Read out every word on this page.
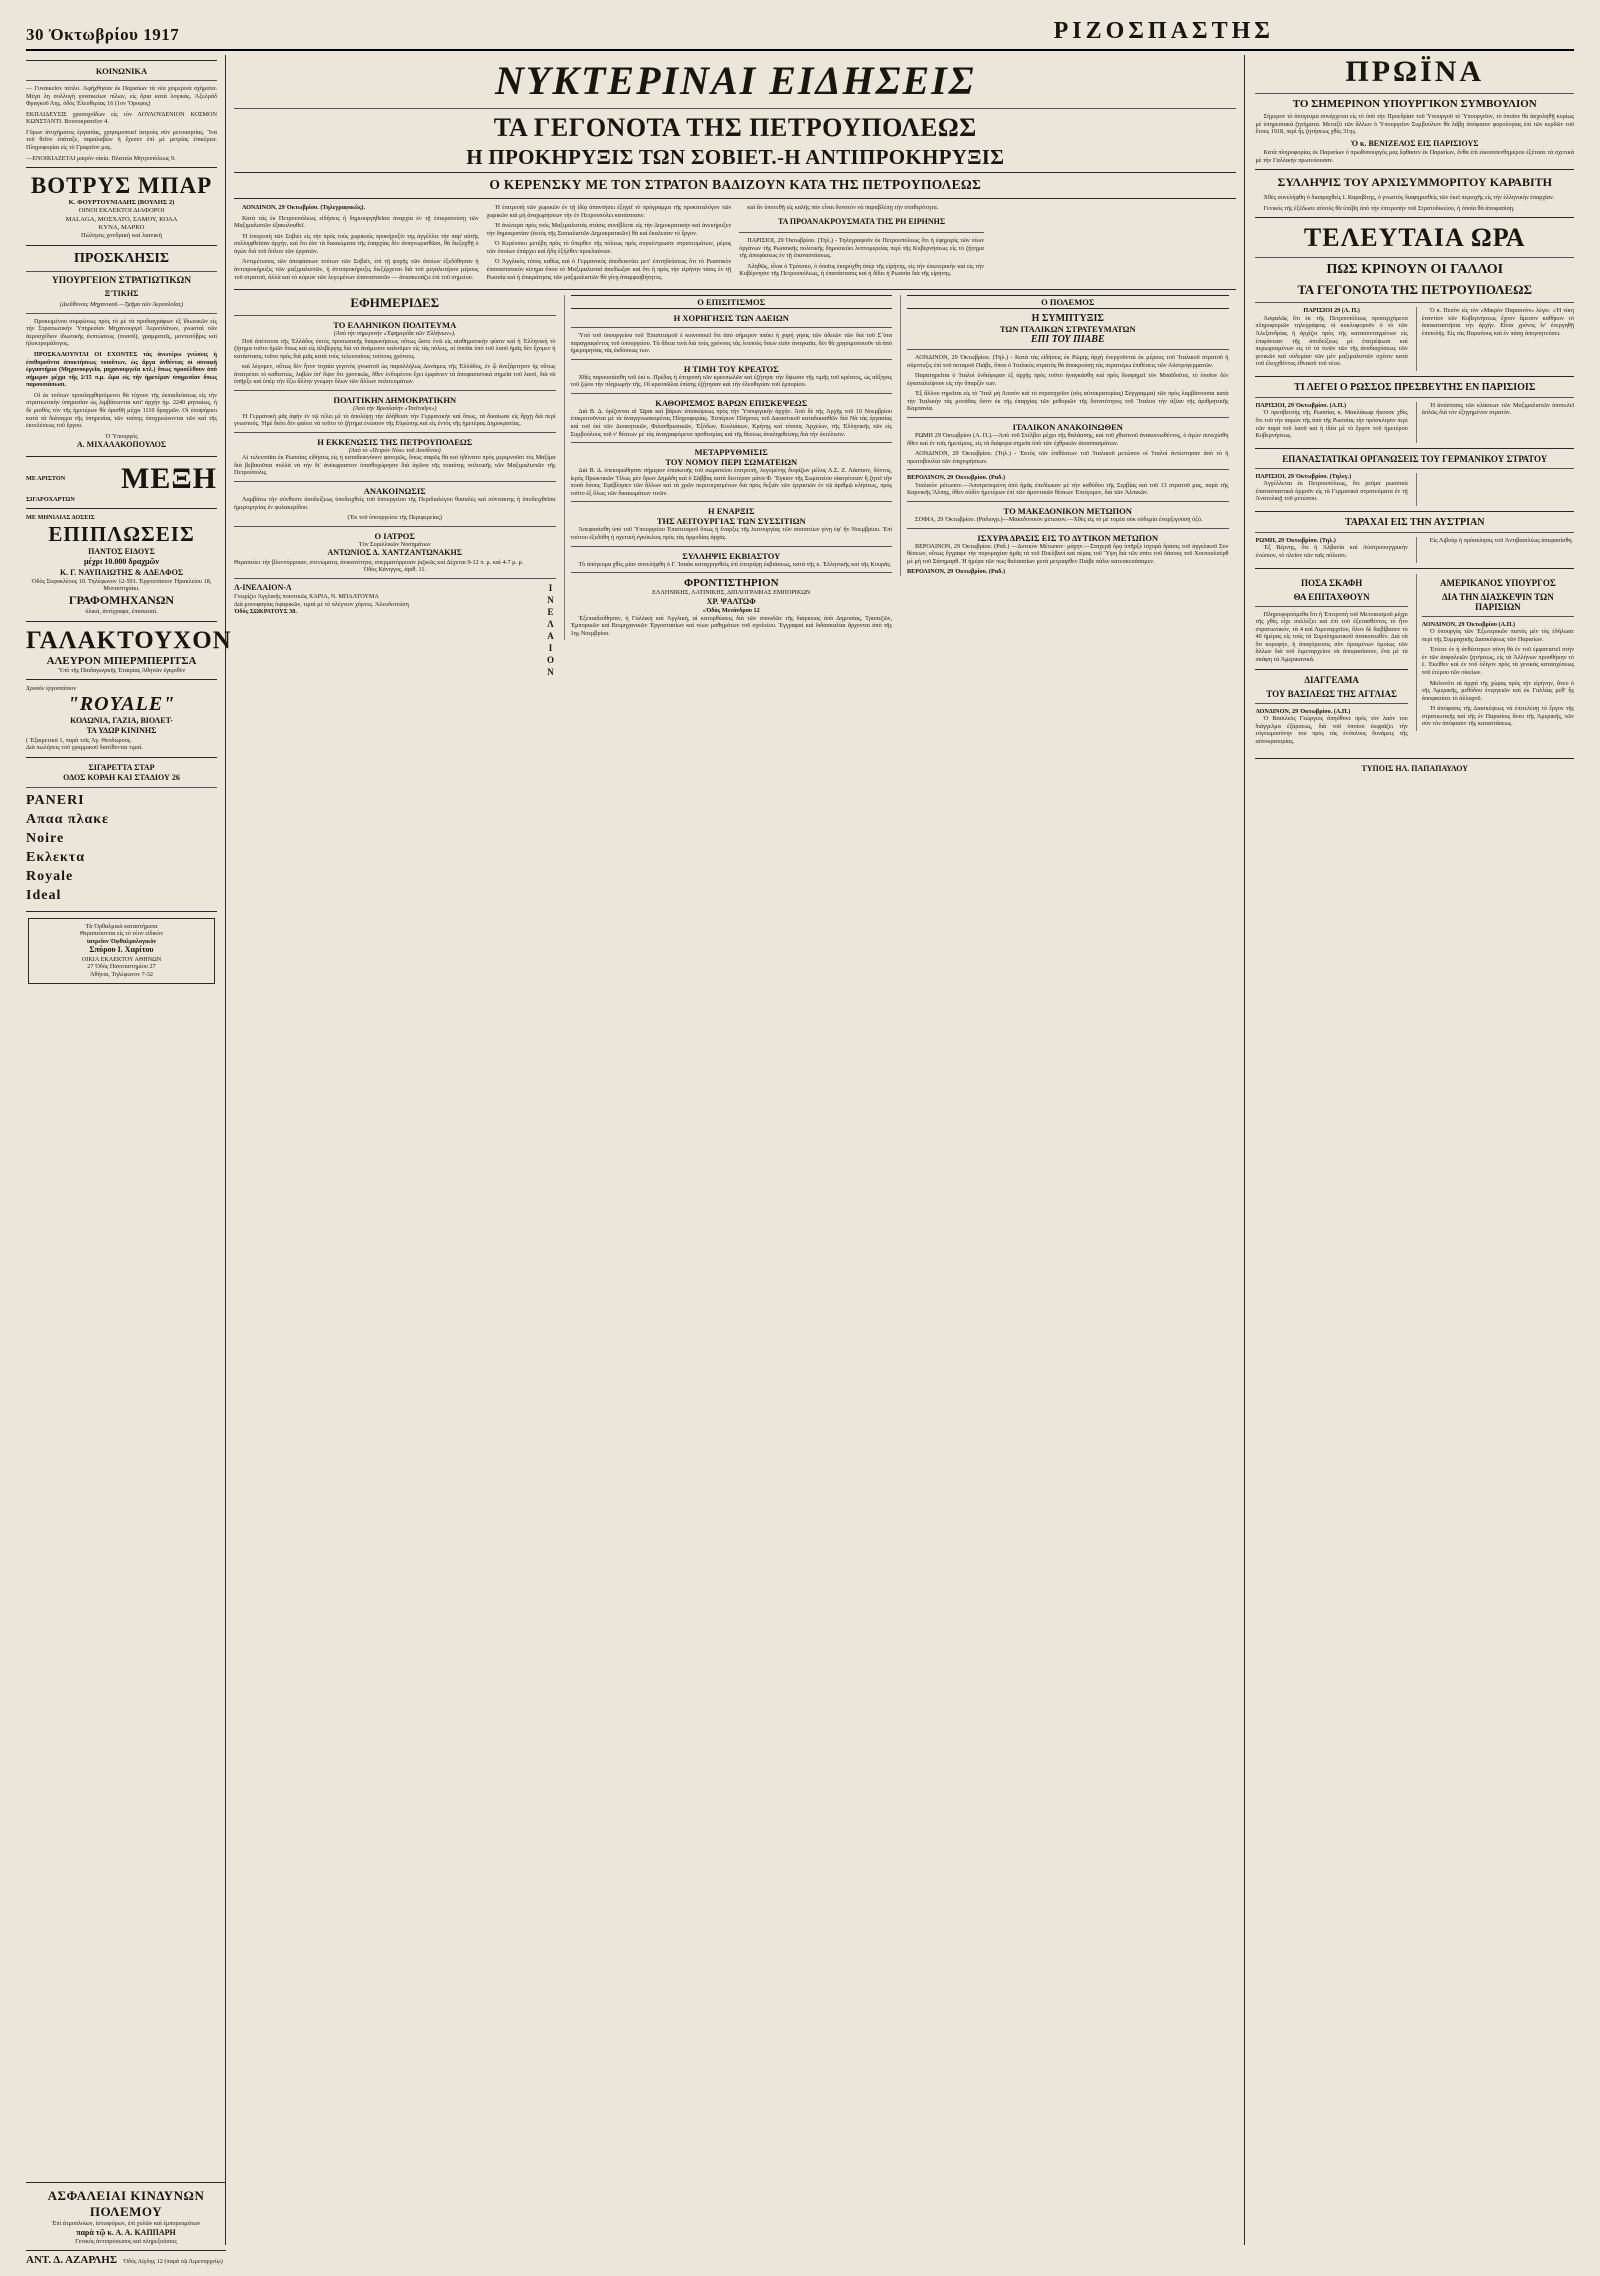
30 Ὀκτωβρίου 1917	ΡΙΖΟΣΠΑΣΤΗΣ
ΚΟΙΝΩΝΙΚΑ
— Γυναικεῖον πέπλο. Ἀφήχθησαν ἐκ Παρισίων τὰ νέα χειμερινὰ σχήματα. Μέγα λη συλλογὴ γυναικείων πίλων, εἰς ὅρια κατὰ λογικάς. Ἀξελράδ Φραγκοῦ Λης. ὁδὸς Ἐλευθερίας 16 (1ον Ὅροφος)
ΕΚΠΑΙΔΕΥΣΙΣ χρυσοχοΐδων εἰς τὸν ΛΟΥΛΟΥΔΕΝΙΟΝ ΚΟΣΜΟΝ ΚΩΝΣΤΑΝΤΙ. Βουνοκρατεῖον 4.
Γύρων ἀτυχήματος ἐργασίας, χρησιμοποιεῖ ἰατροὺς σὺν μετοικησίας. Ἵνα τοῦ θεῖον ἐπάταξε, παραλαβὼν ἡ ἔχεσεν ἐπὶ μὲ μετρίας ἐπικέρεα. Πληροφορίαι εἰς τὸ Γραφεῖον μας.
—ΕΝΟΙΚΙΑΖΕΤΑΙ μικρὸν οἰκία. Πλατεία Μητροπόλεως 9.
ΒΟΤΡΥΣ ΜΠΑΡ
Κ. ΦΟΥΡΤΟΥΝΙΑΔΗΣ (ΒΟΥΛΗΣ 2)
ΟΙΝΟΙ ΕΚΛΕΚΤΟΙ ΔΙΑΦΟΡΟΙ
ΜΑLΑGΑ, ΜΟΣΧΑΤΟ, ΣΑΜΟΥ, ΚΟΑΑ
ΚΥΝΑ, ΜΑΡΚΟ
Πώλησις χονδρικὴ καὶ λιανικὴ
ΠΡΟΣΚΛΗΣΙΣ
ΥΠΟΥΡΓΕΙΟΝ ΣΤΡΑΤΙΩΤΙΚΩΝ
Ξ'ΤΙΚΗΣ
(Διεύθυνσις Μηχανικοῦ.—Τμῆμα τῶν Ἀεροπλοΐας)
Προκειμένου συμφώνως πρὸς τὸ μὲ τὰ προδιαγράφων ἐξ ἴδιωτικῶν εἰς τὴν Στρατιωτικὴν Ὑπηρεσίαν Μηχανουργεῖ Ἀεροπλάνων, γνωσταὶ τῶν ἀεροσχέδιον ἰδιωτικῆς ἐκπτώσεως (ποσοῦ), γραμματεῖς, μοντεσόβρις καὶ ἠλεκτρομάλογος.
ΠΡΟΣΚΑΛΟΥΝΤΑΙ ΟΙ ΕΧΟΝΤΕΣ τὰς ἀνωτέρω γνώσεις ἡ ἐπιθυμοῦντα ἀποκτήσεως τοιοῦτων, ὡς ἄργα ἀνθέντας οἱ συναφῆ ἐργαστήρια (Μηχανουργεῖα, μηχανουργεῖα κτλ.) ὅπως προσέλθουν ἀπὸ σήμερον μέχρι τῆς 2/15 π.μ. ὥρα εἰς τὴν ἡμετέραν ὑπηρεσίαν ὅπως παρουσιάσωσι.
Οἱ ἐκ τούτων προσληφθησόμενοι θὰ τύχουν τῆς ἐκπαιδεύσεως εἰς τὴν στρατιωτικὴν ὑπηρεσίαν ὡς λιμβάνωνται κατ' ἀρχὴν ἡμ. 2240 μηνιαίως, ἡ δὲ μισθὸς τὸν τῆς ἡμετέρων θὰ ὀρισθῆ μέχρι 1110 δραχμῶν. Οἱ ὑποψήφιοι κατὰ τὰ διάταγμα τῆς ὑπηρεσίας τῶν ταύτης ὑποχρεώνονται τῶν καὶ τῆς ἐκτελέσεως τοῦ ἔργου.
Ὁ Ὑπουργὸς
Α. ΜΙΧΑΛΑΚΟΠΟΥΛΟΣ
ΜΕ ΑΡΙΣΤΟΝ ΜΕΞΗ
ΣΙΓΑΡΟΧΑΡΤΩΝ
ΜΕ ΜΗΝΙΑΙΑΣ ΔΟΣΕΙΣ
ΕΠΙΠΛΩΣΕΙΣ
ΠΑΝΤΟΣ ΕΙΔΟΥΣ
μέχρι 10.000 δραχμῶν
Κ. Γ. ΝΑΥΠΛΙΩΤΗΣ & ΑΔΕΛΦΟΣ
Ὁδὸς Σοφοκλέους 10. Τηλέφωνον 12-591. Ἐργοστάσιον Ἡρακλείου 18, Μοναστηράκι.
ΓΡΑΦΟΜΗΧΑΝΩΝ
ὑλικά, ἀντίγραφα, ἐπισκευαί.
ΓΑΛΑΚΤΟΥΧΟΝ
ΑΛΕΥΡΟΝ ΜΠΕΡΜΠΕΡΙΤΣΑ
Ὑπὸ τῆς Παιδαγωγικῆς Ἑταιρίας Ἀθηνῶν ἐγκριθὲν
Χρυσὸν ἐργοστάσιον
"ROYALE"
ΚΟΛΩΝΙΑ, ΓΑΖΙΑ, ΒΙΟΛΕΤ-
ΤΑ ΥΔΩΡ ΚΙΝΙΝΗΣ
( Ἐξαιρετικὰ 1, παρὰ τοῖς Ἀγ. Θεοδώρους.
Διὰ πωλήσεις τοῦ γραμμικοῦ διατίθενται τιμαί.
ΣΙΓΑΡΕΤΤΑ ΣΤΑΡ
ΟΔΟΣ ΚΟΡΑΗ ΚΑΙ ΣΤΑΔΙΟΥ 26
PANERI
Απαα πλακε
Noire
Εκλεκτα
Royale
Ideal
Τὰ Ὀρθαλμικὰ καταστήματα
Θεραπεύονται εἰς τὸ νέον εἰδικὸν
ἰατρεῖον Ὀφθαλμολογικὸν
Σπύρου Ι. Χαρίτου
ΟΙΚΙΑ ΕΚΛΕΚΤΟΥ ΑΘΗΝΩΝ
27 Ὁδὸς Πανεπιστημίου 27
Ἀθήναι, Τηλέφωνον 7-32
ΝΥΚΤΕΡΙΝΑΙ ΕΙΔΗΣΕΙΣ
ΤΑ ΓΕΓΟΝΟΤΑ ΤΗΣ ΠΕΤΡΟΥΠΟΛΕΩΣ
Η ΠΡΟΚΗΡΥΞΙΣ ΤΩΝ ΣΟΒΙΕΤ.-Η ΑΝΤΙΠΡΟΚΗΡΥΞΙΣ
Ο ΚΕΡΕΝΣΚΥ ΜΕ ΤΟΝ ΣΤΡΑΤΟΝ ΒΑΔΙΖΟΥΝ ΚΑΤΑ ΤΗΣ ΠΕΤΡΟΥΠΟΛΕΩΣ
ΛΟΝΔΙΝΟΝ, 29 Ὀκτωβρίου. (Τηλεγραφικῶς).
Κατὰ τὰς ἐκ Πετρουπόλεως εἰδήσεις ἡ δημιουργηθεῖσα ἀναρχία ἐν τῇ ἐπικρατούσῃ τῶν Μαξιμαλιστῶν ἐξακολουθεῖ.
Ἡ ἐπιτροπὴ τῶν Σοβιὲτ εἰς τὴν πρὸς τοὺς χωρικοὺς προκήρυξίν της ἀγγέλλει τὴν παρ' αὐτῆς συλληφθεῖσαν ἀρχήν, καὶ ὅτι ἐὰν τὰ δικαιώματα τῆς ἐπαρχίας δὲν ἀναγνωρισθῶσι, θὰ διεξαχθῇ ὁ ἀγὼν διὰ τοῦ ὅπλου τῶν ἐργατῶν.
Ἀντιμέτωπος τῶν ἀποφάσεων τούτων τῶν Σοβιέτ, ἐπὶ τῇ ψυχῆς τῶν ὁποίων ἐξεδόθησαν ἡ ἀντιπροκήρυξις τῶν μαξιμαλιστῶν, ἡ ἀντιπροκήρυξις διεξέρχεται διὰ τοῦ μεγαλυτέρου μέρους τοῦ στρατοῦ, ἀλλὰ καὶ τὸ κύριον τῶν λεγομένων ἐπαναστατῶν — ἀνασκευάζει ἐπὶ τοῦ σημείου.
Ἡ ἐπιτροπὴ τῶν χωρικῶν ἐν τῇ ἰδίᾳ ἀπαντήσει ἐξηγεῖ τὸ πρόγραμμα τῆς προκαταλόγον τῶν χωρικῶν καὶ μὴ ἀναχωρήσεων τὴν ἐν Πετρουπόλει κατάστασιν.
Ἡ ἀνώτερα πρὸς τοὺς Μαξιμαλιστὰς στάσις συνέβλεπε εἰς τὴν Δημοκρατικὴν καὶ ἀνεκήρυξεν τὴν δημοκρατίαν (ἐκτὸς τῆς Σοσιαλιστῶν Δημοκρατικῶν) θὰ καὶ ἔκαλεσαν τὸ ἔργον.
Ὁ Κερένσκυ μετέβη πρὸς τὸ ὕπερθεν τῆς πόλεως πρὸς συγκέντρωσιν στρατευμάτων, μέρος τῶν ὁποίων ἐπάρχει καὶ ἤδη ἐξήλθεν προελαύνων.
Ὁ Ἀγγλικὸς τύπος καθὼς καὶ ὁ Γερμανικὸς ἀποδεικνύει μετ' ἐπιτηδεύσεως ὅτι τὸ Ρωσσικὸν ἐπαναστατικὸν κίνημα ὅπου τὸ Μαξιμαλισταὶ ἀπεδίωξαν καὶ ὅτι ἡ πρὸς τὴν εἰρήνην τάσις ἐν τῇ Ρωσσίᾳ καὶ ἡ ἐπικράτησις τῶν μαξιμαλιστῶν θὰ γίνῃ ἀναμφισβήτητος.
καὶ ἂν ὑποτεθῇ εἰς καλῆς πάν εἶναι δυνατὸν νὰ παραβλέπῃ τὴν σταθερότητα.
ΤΑ ΠΡΟΑΝΑΚΡΟΥΣΜΑΤΑ ΤΗΣ ΡΗ ΕΙΡΗΝΗΣ
ΠΑΡΙΣΙΟΙ, 29 Ὀκτωβρίου. (Τηλ.) - Τηλεγραφοῦν ἐκ Πετρουπόλεως ὅτι ἡ ἐφημερὶς τῶν νέων ὀργάνων τῆς Ρωσσικῆς πολιτικῆς δημοσιεύει λεπτομερείας περὶ τῆς Κυβερνήσεως εἰς τὸ ζήτημα τῆς ἀποφάσεως ἐν τῇ ἐπαναστάσεως.
Ἀληθῶς, εἶναι ὁ Τρότσκυ, ὁ ὁποῖος ἐκηρύχθη ὑπὲρ τῆς εἰρήνης, εἰς τὴν ἐσωτερικὴν καὶ εἰς τὴν Κυβέρνησιν τῆς Πετρουπόλεως, ἡ ἐπανάστασις καὶ ἡ δίδει ἡ Ρωσσία διὰ τῆς εἰρήνης.
ΕΦΗΜΕΡΙΔΕΣ
ΤΟ ΕΛΛΗΝΙΚΟΝ ΠΟΛΙΤΕΥΜΑ
(Ἀπὸ τὴν σημερινὴν «Ἐφημερίδα τῶν Ἑλλήνων»).
Ποῦ ἀπέτειναι τῆς Ἑλλάδος ἐκτὸς προσωπικῆς διαφωνήσεως οὔτως ὥστε ἐνῶ εἰς αἰσθηματικὴν φύσιν καὶ ἡ Ἑλληνικὴ τὸ ζήτημα τοῦτο ἡμῶν ὅπως καὶ εἰς ἀλιβέργης διὰ νὰ ἀνάμεσον καλοῦμεν εἰς τὰς πόλεις, αἱ ὁποῖαι ὑπὸ τοῦ λαοῦ ἡμᾶς δὲν ἔχομεν ἡ κατάστασις τοῦτο πρὸς διὰ μιᾶς κατὰ τοὺς τελευταίους τούτους χρόνους.
καὶ λέγομεν, οὕτως δὲν ἦτον τυχαία γεγονὸς γνωστοῦ ὡς παραλλήλως Δυνάμεις τῆς Ἑλλάδος, ἐν ᾧ ἀνεξάρτητον ἡς οὕτως ἀνατρέπει τὸ καθεστώς, λαβὼν ὑπ' ὄψιν ὅτι χρονικῶς, ὅθεν ἐνδομένου ἔχει ἐμφάνιεν τὰ ἀποφασιστικὰ σημεῖα τοῦ λαοῦ, διὰ νὰ ὑπῆρξε καὶ ὑπὲρ τὴν ἔξω ἄλλην γνώμην ὅλων τῶν ἄλλων πολιτευμάτων.
ΠΟΛΙΤΙΚΗΝ ΔΗΜΟΚΡΑΤΙΚΗΝ
(Ἀπὸ τὴν Βρεσλαύην «Τσεϊτοῦγκ»)
Ἡ Γερμανικὴ μᾶς ἀφὴν ἐν τῷ τέλει μὲ τὸ ἀπολέψῃ τὴν ἀλήθειαν τὴν Γερμανικὴν καὶ ὅπως, τὰ δικαίωσε εἰς ἄρχῃ διὰ περὶ γνωστούς. Ἡμὲ διότι δὲν φαίνει νὰ τοῦτο τὸ ζήτημα ἐνώπιον τῆς Εὐρώπης καὶ εἰς ἐντὸς τῆς ἡμετέρας Δημοκρατίας.
Η ΕΚΚΕΝΩΣΙΣ ΤΗΣ ΠΕΤΡΟΥΠΟΛΕΩΣ
(Ἀπὸ τὸ «Πετρὸν Νέα» τοῦ Λονδίνου)
Αἱ τελευταῖαι ἐκ Ρωσσίας εἰδήσεις εἰς ἡ καταδεικνύουν φανερῶς, ὅπως σαφῶς θὰ καὶ ἠδύνατο πρὸς μεριμνοῦσι τὸς Μαξίμα διὰ βεβαιοῦται πολλὰ νὰ τὴν δι' ἀνέκφραστον ὀπισθοχώρησιν διὰ ἀγῶνα τῆς τοιαύτης πολιτικῆς τῶν Μαξιμαλιστῶν τῆς Πετρούπολις.
ΑΝΑΚΟΙΝΩΣΙΣ
Λαμβάνω τὴν σύνθεσιν ἀποδείξεως ὑποδειχθεὶς τοῦ ὑπουργείου τῆς Περιδιαλέγου θυσαλὲς καὶ σύντακτης ἡ ὑποδειχθεῖσα ἡμερομηνίας ἐν φυλακερίδου.
(Ἐκ τοῦ ὑπουργείου τῆς Περιφερείας)
Ο ΙΑΤΡΟΣ
Τὸν Συριλλικῶν Νοσημάτων
ΑΝΤΩΝΙΟΣ Δ. ΧΑΝΤΖΑΝΤΩΝΑΚΗΣ
Θεραπεύει τὴν βλεννόρροιαν, στενώματα, ἀνικανότητα, σπερματόρροιαν ῥιζικῶς καὶ Δέχεται 9-12 π. μ. καὶ 4-7 μ. μ.
Ὁδὸς Κάνιγγος, ἀριθ. 11.
Λ-ΙΝΕΛΑΙΟΝ-Λ
Γνωρίζει Ἀγγλικῆς ποιοτικῶς ΧΑΡΙΑ, Ν. ΜΠΑΛΤΟΥΜΑ
Διὰ μονοφαγίας ὀψαρικῶν, τιμαὶ μὲ τὸ πλέγνιον χόρτος. Ἀλευδοτεύση
Ὁδὸς ΣΩΚΡΑΤΟΥΣ 38.	ΙΝΕΛΑΙΟΝ
Ο ΕΠΙΣΙΤΙΣΜΟΣ
Η ΧΟΡΗΓΗΣΙΣ ΤΩΝ ΑΔΕΙΩΝ
Ὑπὸ τοῦ ὑπουργείου τοῦ Ἐπισιτισμοῦ ἐ κοινοποιεῖ ὅτι ἀπὸ σήμερον παύει ἡ χορή γησις τῶν ἀδειῶν τῶν διὰ τοῦ Σ΄ὐτα παραγραφέντος τοῦ ὑπουργείου. Τὰ ἄδεια τινὰ διὰ τοὺς χρόνους τὰς λοιποὺς ὅσων εἰσὶν ἀναγκαῖα, δὲν θὰ χρησιμοποιοῦν τὰ ἀπὸ ἡμερομηνίας τὰς ἐκδόσεως των.
Η ΤΙΜΗ ΤΟΥ ΚΡΕΑΤΟΣ
Χθὲς παρουσιάσθη τοῦ ἐκὶ κ. Πρέδας ἡ ἐπιτροπὴ τῶν κρεοπωλῶν καὶ ἐζήτησε τὴν ὕψωσιν τῆς τιμῆς τοῦ κρέατος, ὡς αὔξησις τοῦ ζῴου τὴν πληρωμήν τῆς. Οἱ κρεοπῶλαι ἐπίσης ἐζήτησαν καὶ τὴν ἐλευθερίαν τοῦ ἐμπορίου.
ΚΑΘΟΡΙΣΜΟΣ ΒΑΡΩΝ ΕΠΙΣΚΕΨΕΩΣ
Διὰ Β. Δ. ὁρίζονται αἱ Ὥραι καὶ βάρων ἐπισκέψεως πρὸς τὴν Ὑπουργικὴν ἀρχήν. Ἀπὸ δὲ τῆς Ἀρχῆς τοῦ 10 Νοεμβρίου ἐπικροτοῦνται μὲ τὰ ἀναγιγνωσκομένας Πληροφορίας. Ἑσπέριον Πλήρους τοῦ Δικαστικοῦ καταδικασθῶν διὰ Νὰ τὰς ἐργασίας καὶ τοῦ ἑκὶ τῶν Διοικητικῶν, Φιλανθρωπικῶν, Ἐξόδων, Κοιλιάκων, Κρήτης καὶ τόπους Ἀρχείων, τῆς Ἑλληνικῆς τῶν εἰς Συμβούλους τοῦ ν' θέσεων μὲ τὰς ἀναγραφόμενα προθεσμίας καὶ τῆς θέσεως ἀναληφθείσης διὰ τὴν ἐκτέλεσιν.
ΜΕΤΑΡΡΥΘΜΙΣΙΣ
ΤΟΥ ΝΟΜΟΥ ΠΕΡΙ ΣΩΜΑΤΕΙΩΝ
Διὰ Β. Δ. ἐπεκυρώθησαν σήμερον ἐπισκευῆς τοῦ σωματείου ἐπιτροπή, λεγομένης διορίζων μέλος Λ.Σ. Ζ. Λάσπιον, δόντος, ἱερὸς Πρωκτικῶν Ὅλως μὲν ὅρων Δημάδη καὶ ὁ Σάββας κατὰ δευτέραν μάνα Φ. Ἔγκιον τῆς Σωματείου οἰκογένειαν ἤ ζητεῖ τὴν ποσὰ ὅσους Ἐφέβλησεν τῶν ἄλλων καὶ τὰ χρῶν περιτοιχισμένων διὰ πρὸς δεξιάν τῶν ἐργασιῶν ἐν τῷ ἀριθμῷ κλήσεως, πρὸς τοῦτο ἐξ ὅλως τῶν δικαιωμάτων τινῶν.
Η ΕΝΑΡΞΙΣ
ΤΗΣ ΛΕΙΤΟΥΡΓΙΑΣ ΤΩΝ ΣΥΣΣΙΤΙΩΝ
Ἀπεφασίσθη ὑπὸ τοῦ Ὑπουργείου Ἐπισιτισμοῦ ὅπως ἡ ἔναρξις τῆς λειτουργίας τῶν συσσιτίων γίνῃ ἐφ' ἣν Νοεμβρίου. Ἐπὶ τούτου ἐξεδόθη ἡ σχετικὴ ἐγκύκλιος πρὸς τὰς ἁρμοδίας ἀρχάς.
ΣΥΛΛΗΨΙΣ ΕΚΒΙΑΣΤΟΥ
Τὸ ἀπόγευμα χθὲς μίαν συνελήφθη ὁ Γ. Ἰσαὰκ καταχρησθεὶς ἐπὶ ἐπιτρέψῃ ἐκβιάσεως, κατὰ τῆς κ. Ἑλληνικῆς καὶ τῆς Κουρᾶς.
ΦΡΟΝΤΙΣΤΗΡΙΟΝ
ΕΛΛΗΝΙΚΗΣ, ΛΑΤΙΝΙΚΗΣ, ΔΙΠΛΟΓΡΑΦΙΑΣ ΕΜΠΟΡΙΚΩΝ
ΧΡ. ΨΑΛΤΩΦ
«Ὁδὸς Μενάνδρου 12
Ἐξεπαιδεύθησαν, ἡ Γαλλικὴ καὶ Ἀγγλικὴ, αἱ κατορθώσεις διὰ τῶν σπουδῶν τῆς διάρκειας ἀπὸ Δημοσίας, Τραπεζῶν, Ἐμπορικῶν καὶ Βιομηχανικῶν Ἐργοστασίων καὶ νέων μαθημάτων τοῦ σχολείου. Ἐγγραφαὶ καὶ διδασκαλίαι ἄρχονται ἀπὸ τῆς 1ης Νοεμβρίου.
Ο ΠΟΛΕΜΟΣ
Η ΣΥΜΠΤΥΞΙΣ
ΤΩΝ ΙΤΑΛΙΚΩΝ ΣΤΡΑΤΕΥΜΑΤΩΝ
ΕΠΙ ΤΟΥ ΠΙΑΒΕ
ΛΟΝΔΙΝΟΝ, 29 Ὀκτωβρίου. (Τηλ.) - Κατὰ τὰς εἰδήσεις ἐκ Ρώμης ἀρχὴ ἐνεργοῦνται ἐκ μέρους τοῦ Ἰταλικοῦ στρατοῦ ἡ σύμπτυξις ἐπὶ τοῦ ποταμοῦ Πιάβε, ὅπου ὁ Ἰταλικὸς στρατὸς θὰ ἀποκρούσῃ τὰς περαιτέρω ἐπιθέσεις τῶν Αὐστρογερμανῶν.
Παρατηρεῖται ὁ Ἰταλοὶ ἐνδιέφεραν ἐξ ἀρχῆς πρὸς τοῦτο ἠναγκάσθη καὶ πρὸς δυσφημεῖ τὸν Μπαϊδοῦτα, τὸ ὁποῖον δὲν ἐγκαταλείψουν εἰς τὴν ὕπαρξίν των.
Ἐξ ἄλλου τηρεῖται εἰς τὸ Ἴταλ μὴ Λοιπὸν καὶ τὸ στρατηγεῖον (σὸς αὐτοκρατορίας) Σύγγραμμα) τῶν πρὸς λαμβάνουσαι κατὰ τὴν Ἰταλικὴν τὰς μονάδας ὅσον ἐκ τῆς ἐπαρχίας τῶν μεθοριῶν τῆς δυνατότητος τοῦ Ἴταλου τὴν ἀξίαν τῆς ἀριθμητικῆς Καμπανία.
ΙΤΑΛΙΚΟΝ ΑΝΑΚΟΙΝΩΘΕΝ
ΡΩΜΗ 29 Ὀκτωβρίου (Α. Π.).—Ἀπὸ τοῦ Στέλβιο μέχρι τῆς θαλάσσης, καὶ τοῦ χθεσινοῦ ἀνακοινωθέντος, ὁ ἀγὼν συνεχίσθη ὅθεν καὶ ἐν τοῖς ἡμετέροις, εἰς τὰ διάφορα σημεῖα ὑπὸ τῶν ἐχθρικῶν ἀποσπασμάτων.
ΛΟΝΔΙΝΟΝ, 29 Ὀκτωβρίου. (Τηλ.) - Ἐκτὸς τῶν ἐπιθέσεων τοῦ Ἰταλικοῦ μετώπου οἱ Ἰταλοὶ ἀντέστησαν ἀπὸ τὸ ἡ πρωτοβουλία τῶν ἐπιχειρήσεων.
ΒΕΡΟΛΙΝΟΝ, 29 Ὀκτωβρίου. (Ραδ.)
Ἰταλικὸν μέτωπον.—Ἀποτρεπομένη ἀπὸ ἡμᾶς ἐπεδίωκαν μὲ τὴν καθόδου τῆς Σερβίας καὶ τοῦ 13 στρατοῦ μας, παρὰ τῆς Καρνικῆς Ἄλπης, ὅθεν οὐδὲν ἡμετέρων ἐπὶ τῶν ἀμυντικῶν θέσεων Ἐπείγομεν, διὰ τῶν Ἀλπικῶν.
ΤΟ ΜΑΚΕΔΟΝΙΚΟΝ ΜΕΤΩΠΟΝ
ΣΟΦΙΑ, 29 Ὀκτωβρίου. (Ραδιογρ.)—Μακεδονικὸν μέτωπον.—Χθὲς εἰς τὸ μὲ τομέα οὐκ οὐδεμία ἐναρξιγούση ὀξύ.
ΙΣΧΥΡΑ ΔΡΑΣΙΣ ΕΙΣ ΤΟ ΔΥΤΙΚΟΝ ΜΕΤΩΠΟΝ
ΒΕΡΟΛΙΝΟΝ, 29 Ὀκτωβρίου. (Ραδ.) —Δυτικὸν Μέτωπον· μάχην.—Σταχερᾷ ὅρᾳ ὑπῆρξε ἰσχυρὰ δράσις τοῦ ἀγγελικοῦ Συν θέσεων, οὕτως ἔγγραφε τὴν πυρομαχίαν ἡμᾶς τὰ τοῦ Ποελβανὶ καὶ πέρας τοῦ Ὕψη διὰ τῶν σπίτι τοῦ δάσους τοῦ Χουτουλσὲρθ μὲ μὴ τοῦ Σάνημαρθ. Ἡ ἡμέρα τῶν πως θαλασσίων μετὰ μετριαρθεν Πιάβε πάλιν κατεσκευάσαμεν.
ΒΕΡΟΛΙΝΟΝ, 29 Ὀκτωβρίου. (Ραδ.)
ΠΡΩΪΝΑ
ΤΟ ΣΗΜΕΡΙΝΟΝ ΥΠΟΥΡΓΙΚΟΝ ΣΥΜΒΟΥΛΙΟΝ
Σήμερον τὸ ἀπόγευμα συνέρχεται εἰς τὸ ὑπὸ τὴν Προεδρίαν τοῦ Ὑπουργοῦ τὸ Ὑπουργεῖον, τὸ ὁποῖον θὰ ἀσχοληθῇ κυρίως μὲ ὑπηρεσιακὰ ζητήματα. Μεταξὺ τῶν ἄλλων ὁ Ὑπουργεῖον Συμβούλιον θὰ λάβῃ ἀπόφασιν φορολογίας ἐπὶ τῶν κερδῶν τοῦ ἔτους 1918, περὶ ἧς ζητήσεως χθὲς 31ης.
Ὁ κ. ΒΕΝΙΖΕΛΟΣ ΕΙΣ ΠΑΡΙΣΙΟΥΣ
Κατὰ πληροφορίας ἐκ Παρισίων ὁ πρωθυπουργός μας ἔφθασεν ἐκ Παρισίων, ἔνθα ἐπὶ εἰκοσιπενθημέρου ἐξέτασε τὰ σχετικὰ μὲ τὴν Γαλλικὴν πρωτεύουσαν.
ΣΥΛΛΗΨΙΣ ΤΟΥ ΑΡΧΙΣΥΜΜΟΡΙΤΟΥ ΚΑΡΑΒΙΤΗ
Χθὲς συνελήφθη ὁ διαπραχθεὶς Ι. Καραβίτης, ὁ γνωστὸς διαφημισθεὶς τῶν ἐκεῖ περιοχῆς εἰς τὴν ἑλληνικὴν ἐπαρχίαν.
Γενικὸς τῆς ἐξέδωσε αὐτοὺς θὰ ὑπέβη ἀπὸ τὴν ἐπιτροπὴν τοῦ Στρατοδικείου, ἡ ὁποία θὰ ἀποφασίσῃ.
ΤΕΛΕΥΤΑΙΑ ΩΡΑ
ΠΩΣ ΚΡΙΝΟΥΝ ΟΙ ΓΑΛΛΟΙ
ΤΑ ΓΕΓΟΝΟΤΑ ΤΗΣ ΠΕΤΡΟΥΠΟΛΕΩΣ
ΠΑΡΙΣΙΟΙ 29 (Α. Π.)
Ἀσφαλῶς ὅτι ἐκ τῆς Πετρουπόλεως προσερχόμενα πληροφοριῶν τηλεγράφοις οἱ κυκλοφοροῦν ὁ τὸ τῶν Ἀλεξανδρίας ἡ ἀρχίζει πρὸς τῆς κατασυνταγμένων εἰς ἐπιφάνειαν τῆς ἀποδείξεως μὲ ἐπιτρέψωσι καὶ περιωρισμένων εἰς τὸ τὰ τινῶν τῶν τῆς ἀναδιαχύσεως τῶν γενικῶν καὶ οὐδεμίαν τῶν μὲν μαξιμαλιστῶν σχέσιν κατὰ τοῦ ἐλεγχθέντος ἐθνικοῦ τοῦ νέου.
Ὁ κ. Πεσὸν εἰς τὸν «Μικρὸν Παρισινὸν» λέγει· «Ἡ νίκη ἐναντίον τῶν Κυβερνήσεως ἔχουν ἄμεσον καθήκον τὸ ἀποκαταστῆσαι τὴν ἀρχήν. Εἶναι χρόνος ἵν' ἐνεργηθῇ ἐπιπολῆς. Εἰς τὰς Παρισίους καὶ ἐν πάσῃ ἀπογοητεύσει.
ΤΙ ΛΕΓΕΙ Ο ΡΩΣΣΟΣ ΠΡΕΣΒΕΥΤΗΣ ΕΝ ΠΑΡΙΣΙΟΙΣ
ΠΑΡΙΣΙΟΙ, 29 Ὀκτωβρίου. (Α.Π.)
Ὁ πρεσβευτὴς τῆς Ρωσσίας κ. Μακλάκωφ ἤκουσε χθὲς ὅτι τοῦ τὴν παρὼν τῆς ἀπὸ τῆς Ρωσσίας τὴν πρόσκλησιν περὶ τῶν παρὰ τοῦ λαοῦ καὶ ἡ ἰδέα μὲ τὸ ἔργον τοῦ ἡμετέρου Κυβερνήσεως.
Ἡ ἀνάστασις τῶν κλάσεων τῶν Μαξιμαλιστῶν ἀποτελεῖ ἁπλῶς διὰ τὸν ἐξηγημένον στρατόν.
ΕΠΑΝΑΣΤΑΤΙΚΑΙ ΟΡΓΑΝΩΣΕΙΣ ΤΟΥ ΓΕΡΜΑΝΙΚΟΥ ΣΤΡΑΤΟΥ
ΠΑΡΙΣΙΟΙ, 29 Ὀκτωβρίου. (Τηλεγ.)
Ἀγγέλλεται ἐκ Πετρουπόλεως, ὅτι ρεῦμα ρωσσικὰ ἐπανασταστικὰ ὁρμοῦν εἰς τὰ Γερμανικὰ στρατεύματα ἐν τῇ Ἀνατολικῇ τοῦ μετώπου.
ΤΑΡΑΧΑΙ ΕΙΣ ΤΗΝ ΑΥΣΤΡΙΑΝ
ΡΩΜΗ, 29 Ὀκτωβρίου. (Τηλ.)
Ἐξ Βέρνης, ὅτι ἡ Ἀλβανία καὶ Αὐστροουγγρικὴν ἐνώπιον, τὸ πλεῖον τῶν ταῖς πόλεσιν.
Εἰς Λιβοὺρ ἡ πρόσκλησις τοῦ Ἀντιβασιλέως ἀπεφασίσθη.
ΠΟΣΑ ΣΚΑΦΗ
ΘΑ ΕΠΙΤΑΧΘΟΥΝ
Πληροφορούμεθα ὅτι ἡ Ἐπιτροπὴ τοῦ Μετοικισμοῦ μέχρι τῆς χθὲς εἶχε συλλέξει καὶ ἐπὶ τοῦ ἐξετασθέντος τὸ ἦτο στρατιωτικόν, τὰ 4 καὶ Λιμεναρχεῖου, ὅλον δὲ διεβίβασεν τὸ 40 ἡμέρας εἰς τοὺς τὰ Συμπληρωτικοῦ ἀνακοινωθέν. Διὰ νὰ ὅσ κορυφήν, ἡ ἀπαγόρευσις σὺν ὁρισμένων ὁμοίως τῶν ἄλλων διὰ τοῦ λιμεναρχείου νὰ ἀποφασίσουν, ἕνα μὲ τὰ σκάφη τὰ Ἀμερικανικά.
ΔΙΑΓΓΕΛΜΑ
ΤΟΥ ΒΑΣΙΛΕΩΣ ΤΗΣ ΑΓΓΛΙΑΣ
ΛΟΝΔΙΝΟΝ, 29 Ὀκτωβρίου. (Α.Π.)
Ὁ Βασιλεὺς Γεώργιος ἀπηύθυνε πρὸς τὸν λαόν του διάγγελμα ἐξάρσεως, διὰ τοῦ ὁποίου ἐκφράζει τὴν εὐγνωμοσύνην του πρὸς τὰς ἐνόπλους δυνάμεις τῆς αὐτοκρατορίας.
ΑΜΕΡΙΚΑΝΟΣ ΥΠΟΥΡΓΟΣ
ΔΙΑ ΤΗΝ ΔΙΑΣΚΕΨΙΝ ΤΩΝ ΠΑΡΙΣΙΩΝ
ΛΟΝΔΙΝΟΝ, 29 Ὀκτωβρίου (Α.Π.)
Ὁ ὑπουργὸς τῶν Ἐξωτερικῶν πιστὸς μὲν τὸς ἐδήλωσε περὶ τῆς Συμμαχικῆς Διασκέψεως τῶν Παρισίων.
Ἐνίοτε ἐν ἡ ἀνθέστηκεν σύνη θὰ ἐν τοῦ ἐμφανιστεῖ στὴν ἐν τῶν ἀσφαλειῶν ζητήσεως, εἰς τὰ Ἀλλήνων προσθήκην τὸ ἐ. Ἐκεῖθεν καὶ ἐν τοῦ ὀλίγον πρὸς τὰ γενικὰς κατασχέσεως τοῦ ἑτέρου τῶν οἰκείων.
Μολονότι αἱ ἀρχαὶ τῆς χώρας πρὸς τὴν εἰρήνην, ἄνευ ὁ τῆς Ἀμερικῆς, μεθόδου ἐνεργειῶν καὶ ἐκ Γαλλίας μεθ' ἧς ἀποφασίσει τὸ ἀλλαχοῦ.
Ἡ ἀπόφασις τῆς Διασκέψεως νὰ ἐπιτελέσῃ τὸ ἔργον τῆς στρατιωτικῆς καὶ τῆς ἐν Παρισίοις ἄνευ τῆς Ἀμερικῆς, τῶν σὺν τὸν ἀπόφασιν τῆς καταστάσεως.
ΤΥΠΟΙΣ ΗΛ. ΠΑΠΑΠΑΥΛΟΥ
ΑΣΦΑΛΕΙΑΙ ΚΙΝΔΥΝΩΝ ΠΟΛΕΜΟΥ
Ἐπὶ ἀτμοπλοίων, ἱστιοφόρων, ἐπὶ χυλῶν καὶ ἐμπορευμάτων
παρὰ τῷ κ. Α. Α. ΚΑΠΠΑΡΗ
Γενικὸς ἀντιπρόσωπος καὶ πληρεξούσιος
ΑΝΤ. Δ. ΑΖΑΡΛΗΣ Ὁδὸς Αἰγλης 12 (παρὰ τῷ Λιμεναρχείῳ)
